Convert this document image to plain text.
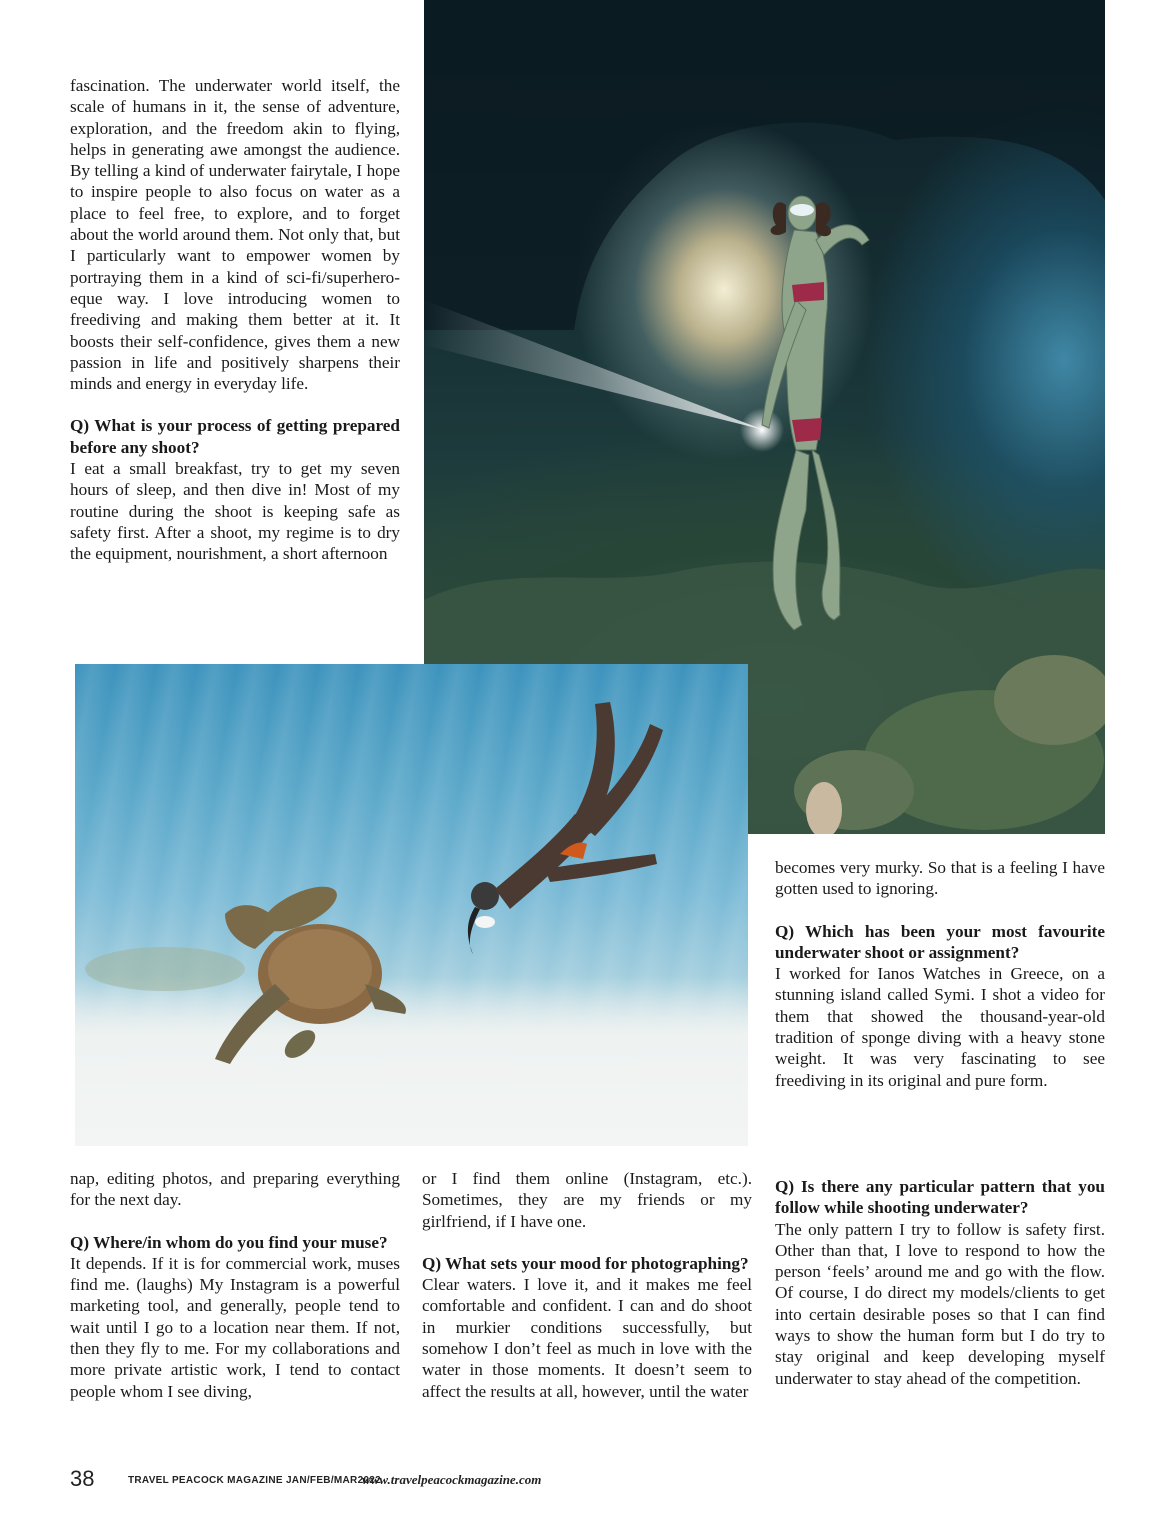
fascination. The underwater world itself, the scale of humans in it, the sense of adventure, exploration, and the freedom akin to flying, helps in generating awe amongst the audience. By telling a kind of underwater fairytale, I hope to inspire people to also focus on water as a place to feel free, to explore, and to forget about the world around them. Not only that, but I particularly want to empower women by portraying them in a kind of sci-fi/superhero-eque way. I love introducing women to freediving and making them better at it. It boosts their self-confidence, gives them a new passion in life and positively sharpens their minds and energy in everyday life.

Q) What is your process of getting prepared before any shoot?

I eat a small breakfast, try to get my seven hours of sleep, and then dive in! Most of my routine during the shoot is keeping safe as safety first. After a shoot, my regime is to dry the equipment, nourishment, a short afternoon

becomes very murky. So that is a feeling I have gotten used to ignoring.

Q) Which has been your most favourite underwater shoot or assignment?

I worked for Ianos Watches in Greece, on a stunning island called Symi. I shot a video for them that showed the thousand-year-old tradition of sponge diving with a heavy stone weight. It was very fascinating to see freediving in its original and pure form.

nap, editing photos, and preparing everything for the next day.

Q) Where/in whom do you find your muse?

It depends. If it is for commercial work, muses find me. (laughs) My Instagram is a powerful marketing tool, and generally, people tend to wait until I go to a location near them. If not, then they fly to me. For my collaborations and more private artistic work, I tend to contact people whom I see diving,

or I find them online (Instagram, etc.). Sometimes, they are my friends or my girlfriend, if I have one.

Q) What sets your mood for photographing?

Clear waters. I love it, and it makes me feel comfortable and confident. I can and do shoot in murkier conditions successfully, but somehow I don’t feel as much in love with the water in those moments. It doesn’t seem to affect the results at all, however, until the water

Q) Is there any particular pattern that you follow while shooting underwater?

The only pattern I try to follow is safety first. Other than that, I love to respond to how the person ‘feels’ around me and go with the flow. Of course, I do direct my models/clients to get into certain desirable poses so that I can find ways to show the human form but I do try to stay original and keep developing myself underwater to stay ahead of the competition.

38	TRAVEL PEACOCK MAGAZINE JAN/FEB/MAR2022
www.travelpeacockmagazine.com
